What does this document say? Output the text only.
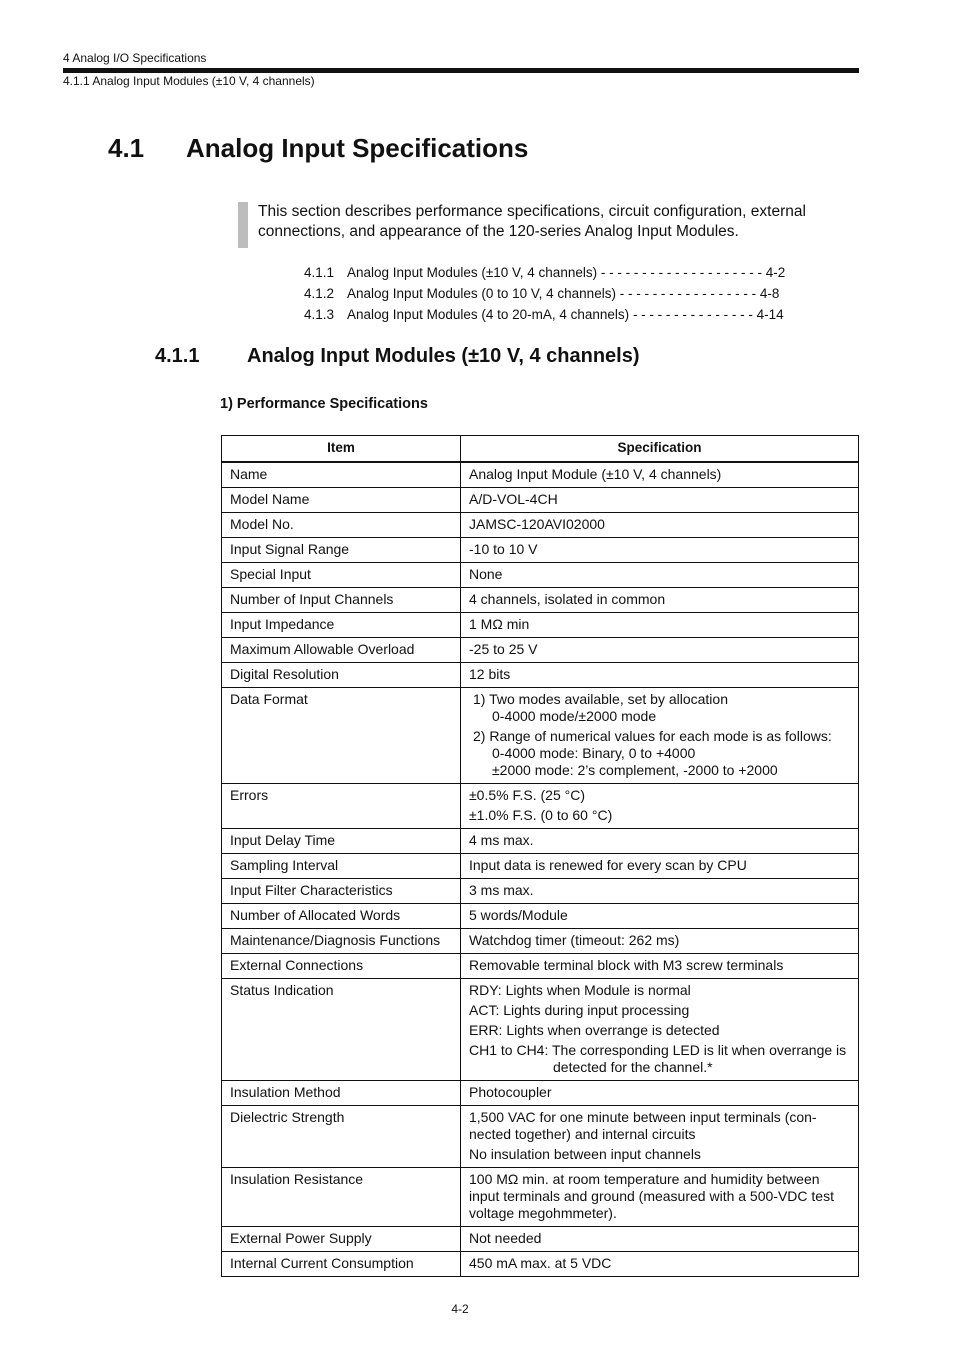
4 Analog I/O Specifications
4.1.1 Analog Input Modules (±10 V, 4 channels)
4.1 Analog Input Specifications
This section describes performance specifications, circuit configuration, external connections, and appearance of the 120-series Analog Input Modules.
4.1.1 Analog Input Modules (±10 V, 4 channels) - - - - - - - - - - - - - - - - - - - - 4-2
4.1.2 Analog Input Modules (0 to 10 V, 4 channels) - - - - - - - - - - - - - - - - - 4-8
4.1.3 Analog Input Modules (4 to 20-mA, 4 channels) - - - - - - - - - - - - - - - 4-14
4.1.1 Analog Input Modules (±10 V, 4 channels)
1) Performance Specifications
Item	Specification
Name	Analog Input Module (±10 V, 4 channels)
Model Name	A/D-VOL-4CH
Model No.	JAMSC-120AVI02000
Input Signal Range	-10 to 10 V
Special Input	None
Number of Input Channels	4 channels, isolated in common
Input Impedance	1 MΩ min
Maximum Allowable Overload	-25 to 25 V
Digital Resolution	12 bits
Data Format	1) Two modes available, set by allocation
0-4000 mode/±2000 mode
2) Range of numerical values for each mode is as follows:
0-4000 mode: Binary, 0 to +4000
±2000 mode: 2’s complement, -2000 to +2000

Errors	±0.5% F.S. (25 °C)
±1.0% F.S. (0 to 60 °C)

Input Delay Time	4 ms max.
Sampling Interval	Input data is renewed for every scan by CPU
Input Filter Characteristics	3 ms max.
Number of Allocated Words	5 words/Module
Maintenance/Diagnosis Functions	Watchdog timer (timeout: 262 ms)
External Connections	Removable terminal block with M3 screw terminals
Status Indication	RDY: Lights when Module is normal
ACT: Lights during input processing
ERR: Lights when overrange is detected
CH1 to CH4: The corresponding LED is lit when overrange is
detected for the channel.*

Insulation Method	Photocoupler
Dielectric Strength	1,500 VAC for one minute between input terminals (con-
nected together) and internal circuits
No insulation between input channels

Insulation Resistance	100 MΩ min. at room temperature and humidity between
input terminals and ground (measured with a 500-VDC test
voltage megohmmeter).

External Power Supply	Not needed
Internal Current Consumption	450 mA max. at 5 VDC
4-2
